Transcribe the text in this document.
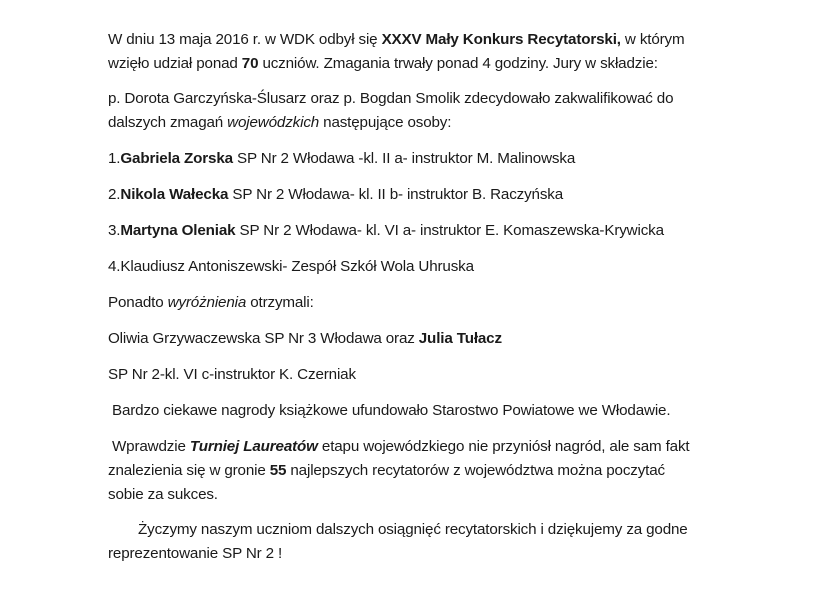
W dniu 13 maja 2016 r. w WDK odbył się XXXV Mały Konkurs Recytatorski, w którym

wzięło udział ponad 70 uczniów. Zmagania trwały ponad 4 godziny. Jury w składzie:

p. Dorota Garczyńska-Ślusarz oraz p. Bogdan Smolik zdecydowało zakwalifikować do

dalszych zmagań wojewódzkich następujące osoby:

1.Gabriela Zorska SP Nr 2 Włodawa -kl. II a- instruktor M. Malinowska

2.Nikola Wałecka SP Nr 2 Włodawa- kl. II b- instruktor B. Raczyńska

3.Martyna Oleniak SP Nr 2 Włodawa- kl. VI a- instruktor E. Komaszewska-Krywicka

4.Klaudiusz Antoniszewski- Zespół Szkół Wola Uhruska

Ponadto wyróżnienia otrzymali:

Oliwia Grzywaczewska SP Nr 3 Włodawa oraz Julia Tułacz

SP Nr 2-kl. VI c-instruktor K. Czerniak

Bardzo ciekawe nagrody książkowe ufundowało Starostwo Powiatowe we Włodawie.

Wprawdzie Turniej Laureatów etapu wojewódzkiego nie przyniósł nagród, ale sam fakt

znalezienia się w gronie 55 najlepszych recytatorów z województwa można poczytać

sobie za sukces.

Życzymy naszym uczniom dalszych osiągnięć recytatorskich i dziękujemy za godne

reprezentowanie SP Nr 2 !
